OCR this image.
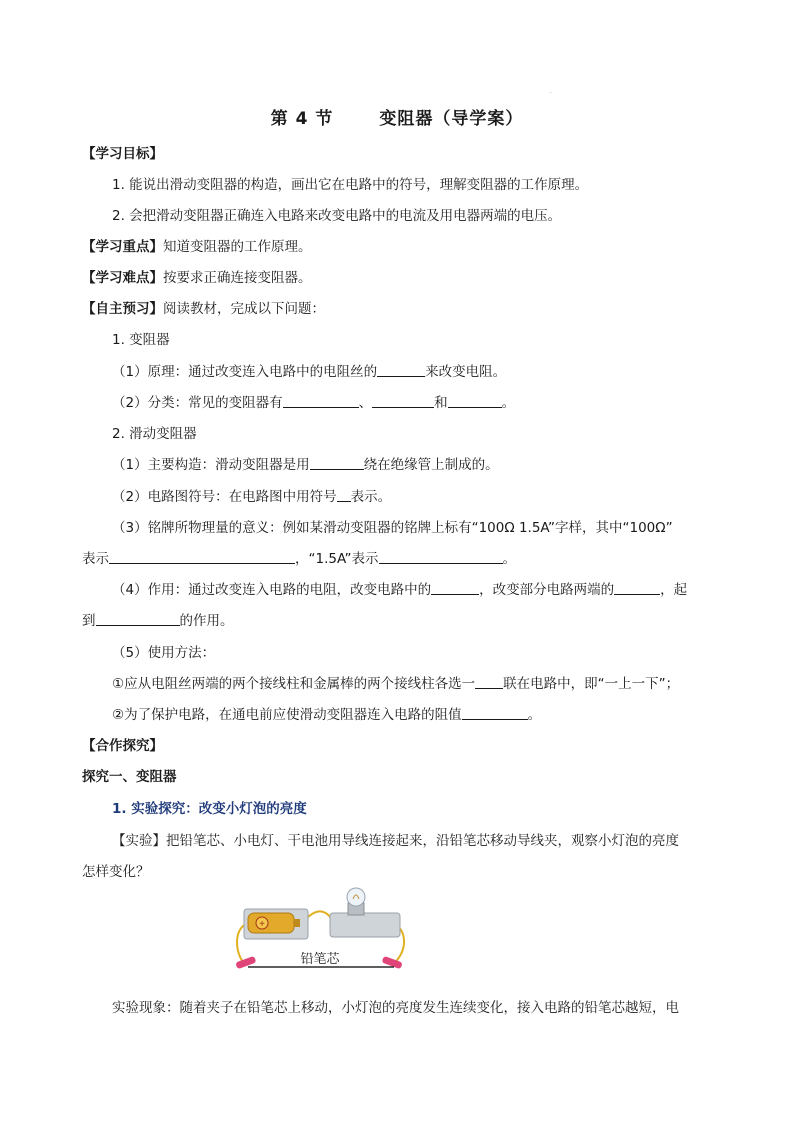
.
第 4 节	变阻器（导学案）
【学习目标】
1. 能说出滑动变阻器的构造，画出它在电路中的符号，理解变阻器的工作原理。
2. 会把滑动变阻器正确连入电路来改变电路中的电流及用电器两端的电压。
【学习重点】知道变阻器的工作原理。
【学习难点】按要求正确连接变阻器。
【自主预习】阅读教材，完成以下问题：
1. 变阻器
（1）原理：通过改变连入电路中的电阻丝的	来改变电阻。
（2）分类：常见的变阻器有	、	和	。
2. 滑动变阻器
（1）主要构造：滑动变阻器是用	绕在绝缘管上制成的。
（2）电路图符号：在电路图中用符号 表示。
（3）铭牌所物理量的意义：例如某滑动变阻器的铭牌上标有“100Ω 1.5A”字样，其中“100Ω”
表示	，“1.5A”表示	。
（4）作用：通过改变连入电路的电阻，改变电路中的	，改变部分电路两端的	，起
到	的作用。
（5）使用方法：
①应从电阻丝两端的两个接线柱和金属棒的两个接线柱各选一 联在电路中，即“一上一下”；
②为了保护电路，在通电前应使滑动变阻器连入电路的阻值	。
【合作探究】
探究一、变阻器
1. 实验探究：改变小灯泡的亮度
【实验】把铅笔芯、小电灯、干电池用导线连接起来，沿铅笔芯移动导线夹，观察小灯泡的亮度
怎样变化？
+
铅笔芯
实验现象：随着夹子在铅笔芯上移动，小灯泡的亮度发生连续变化，接入电路的铅笔芯越短，电
